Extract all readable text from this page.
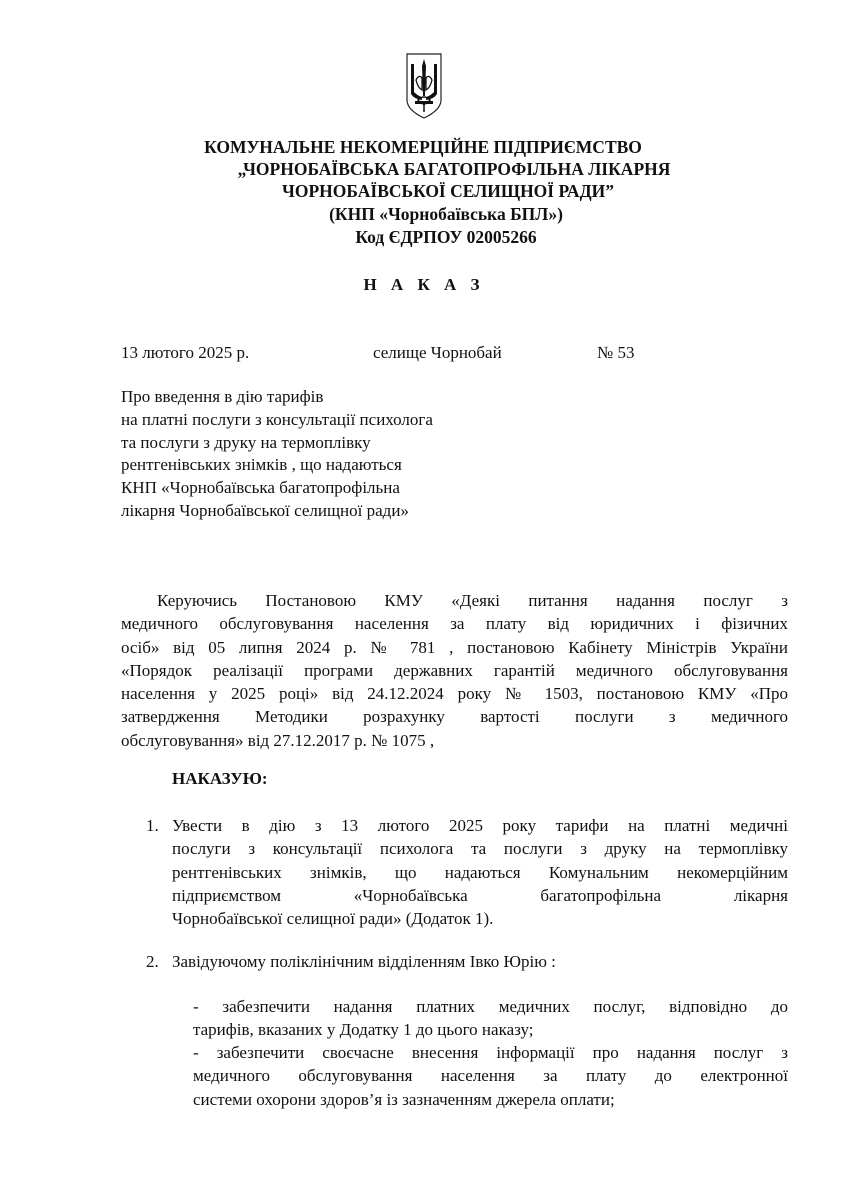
КОМУНАЛЬНЕ НЕКОМЕРЦІЙНЕ ПІДПРИЄМСТВО
„ЧОРНОБАЇВСЬКА БАГАТОПРОФІЛЬНА ЛІКАРНЯ
ЧОРНОБАЇВСЬКОЇ СЕЛИЩНОЇ РАДИ”
(КНП «Чорнобаївська БПЛ»)
Код ЄДРПОУ 02005266
Н А К А З
13 лютого 2025 р.	селище Чорнобай	№ 53
Про введення в дію тарифів
на платні послуги з консультації психолога
та послуги з друку на термоплівку
рентгенівських знімків , що надаються
КНП «Чорнобаївська багатопрофільна
лікарня Чорнобаївської селищної ради»
Керуючись Постановою КМУ «Деякі питання надання послуг з
медичного обслуговування населення за плату від юридичних і фізичних
осіб» від 05 липня 2024 р. № 781 , постановою Кабінету Міністрів України
«Порядок реалізації програми державних гарантій медичного обслуговування
населення у 2025 році» від 24.12.2024 року № 1503, постановою КМУ «Про
затвердження Методики розрахунку вартості послуги з медичного
обслуговування» від 27.12.2017 р. № 1075 ,
НАКАЗУЮ:
1. Увести в дію з 13 лютого 2025 року тарифи на платні медичні
послуги з консультації психолога та послуги з друку на термоплівку
рентгенівських знімків, що надаються Комунальним некомерційним
підприємством «Чорнобаївська багатопрофільна лікарня
Чорнобаївської селищної ради» (Додаток 1).
2. Завідуючому поліклінічним відділенням Івко Юрію :
- забезпечити надання платних медичних послуг, відповідно до
тарифів, вказаних у Додатку 1 до цього наказу;
- забезпечити своєчасне внесення інформації про надання послуг з
медичного обслуговування населення за плату до електронної
системи охорони здоров’я із зазначенням джерела оплати;
